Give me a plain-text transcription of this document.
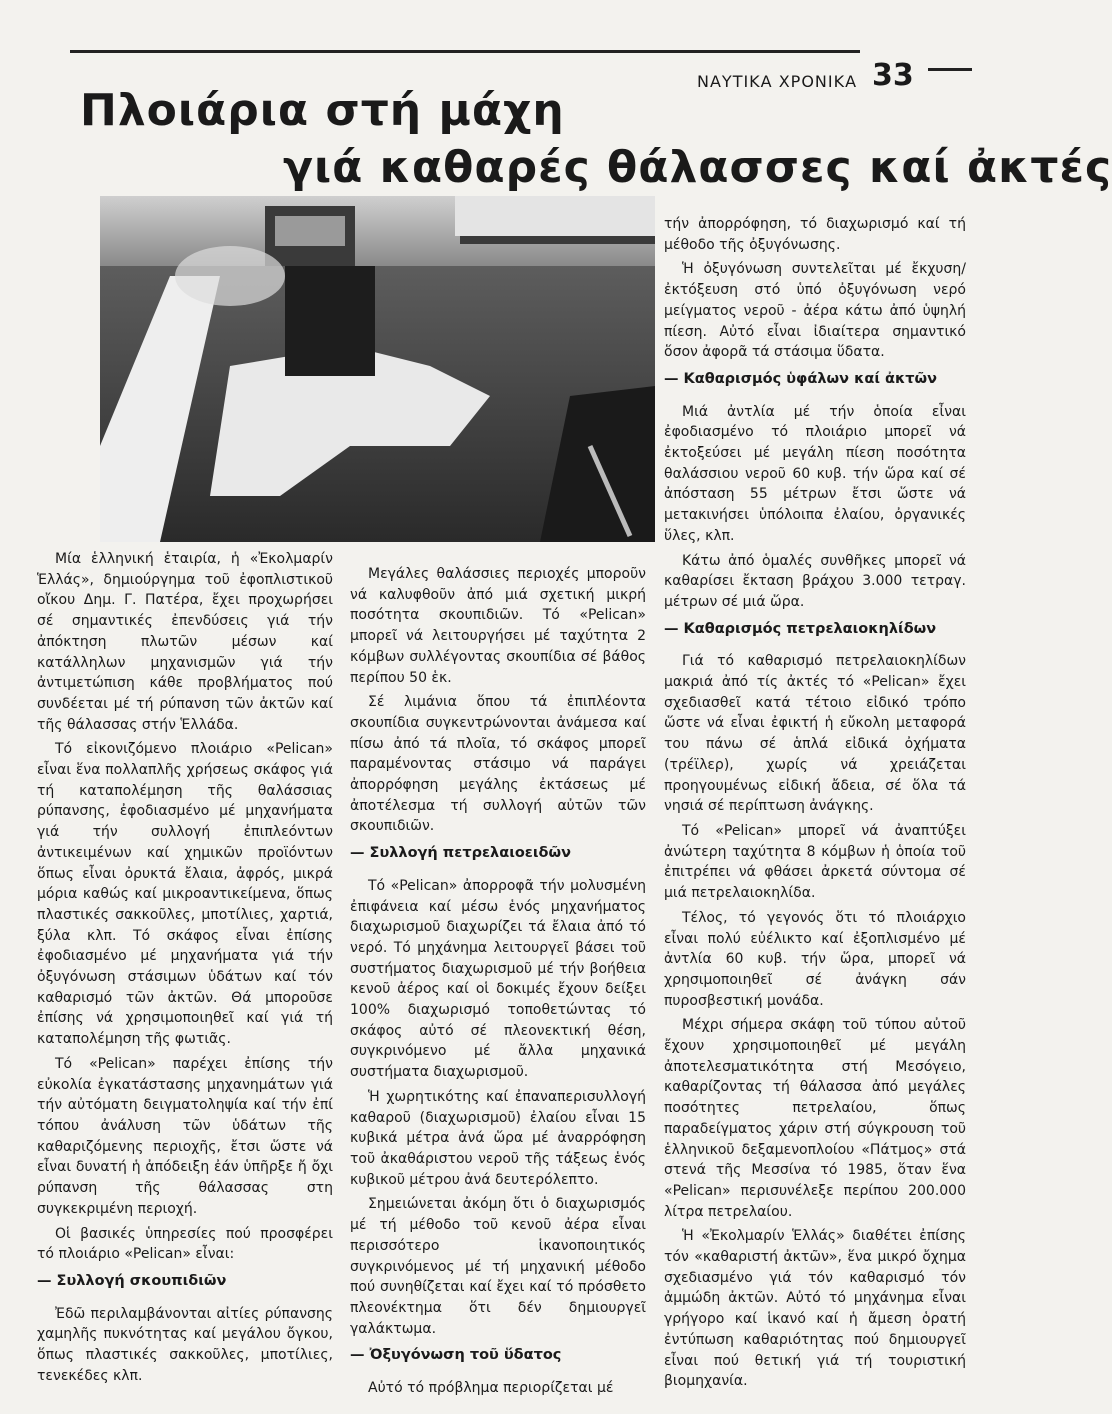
ΝΑΥΤΙΚΑ ΧΡΟΝΙΚΑ 33
Πλοιάρια στή μάχη
γιά καθαρές θάλασσες καί ἀκτές

Μία ἑλληνική ἑταιρία, ἡ «Ἐκολμαρίν Ἑλλάς», δημιούργημα τοῦ ἐφοπλιστικοῦ οἴκου Δημ. Γ. Πατέρα, ἔχει προχωρήσει σέ σημαντικές ἐπενδύσεις γιά τήν ἀπόκτηση πλωτῶν μέσων καί κατάλληλων μηχανισμῶν γιά τήν ἀντιμετώπιση κάθε προβλήματος πού συνδέεται μέ τή ρύπανση τῶν ἀκτῶν καί τῆς θάλασσας στήν Ἑλλάδα.

Τό εἰκονιζόμενο πλοιάριο «Pelican» εἶναι ἕνα πολλαπλῆς χρήσεως σκάφος γιά τή καταπολέμηση τῆς θαλάσσιας ρύπανσης, ἐφοδιασμένο μέ μηχανήματα γιά τήν συλλογή ἐπιπλεόντων ἀντικειμένων καί χημικῶν προϊόντων ὅπως εἶναι ὀρυκτά ἔλαια, ἀφρός, μικρά μόρια καθώς καί μικροαντικείμενα, ὅπως πλαστικές σακκοῦλες, μποτίλιες, χαρτιά, ξύλα κλπ. Τό σκάφος εἶναι ἐπίσης ἐφοδιασμένο μέ μηχανήματα γιά τήν ὀξυγόνωση στάσιμων ὑδάτων καί τόν καθαρισμό τῶν ἀκτῶν. Θά μποροῦσε ἐπίσης νά χρησιμοποιηθεῖ καί γιά τή καταπολέμηση τῆς φωτιᾶς.

Τό «Pelican» παρέχει ἐπίσης τήν εὐκολία ἐγκατάστασης μηχανημάτων γιά τήν αὐτόματη δειγματοληψία καί τήν ἐπί τόπου ἀνάλυση τῶν ὑδάτων τῆς καθαριζόμενης περιοχῆς, ἔτσι ὥστε νά εἶναι δυνατή ἡ ἀπόδειξη ἐάν ὑπῆρξε ἤ ὄχι ρύπανση τῆς θάλασσας στη συγκεκριμένη περιοχή.

Οἱ βασικές ὑπηρεσίες πού προσφέρει τό πλοιάριο «Pelican» εἶναι:

— Συλλογή σκουπιδιῶν

Ἐδῶ περιλαμβάνονται αἰτίες ρύπανσης χαμηλῆς πυκνότητας καί μεγάλου ὄγκου, ὅπως πλαστικές σακκοῦλες, μποτίλιες, τενεκέδες κλπ.

Μεγάλες θαλάσσιες περιοχές μποροῦν νά καλυφθοῦν ἀπό μιά σχετική μικρή ποσότητα σκουπιδιῶν. Τό «Pelican» μπορεῖ νά λειτουργήσει μέ ταχύτητα 2 κόμβων συλλέγοντας σκουπίδια σέ βάθος περίπου 50 ἑκ.

Σέ λιμάνια ὅπου τά ἐπιπλέοντα σκουπίδια συγκεντρώνονται ἀνάμεσα καί πίσω ἀπό τά πλοῖα, τό σκάφος μπορεῖ παραμένοντας στάσιμο νά παράγει ἀπορρόφηση μεγάλης ἐκτάσεως μέ ἀποτέλεσμα τή συλλογή αὐτῶν τῶν σκουπιδιῶν.

— Συλλογή πετρελαιοειδῶν

Τό «Pelican» ἀπορροφᾶ τήν μολυσμένη ἐπιφάνεια καί μέσω ἑνός μηχανήματος διαχωρισμοῦ διαχωρίζει τά ἔλαια ἀπό τό νερό. Τό μηχάνημα λειτουργεῖ βάσει τοῦ συστήματος διαχωρισμοῦ μέ τήν βοήθεια κενοῦ ἀέρος καί οἱ δοκιμές ἔχουν δείξει 100% διαχωρισμό τοποθετώντας τό σκάφος αὐτό σέ πλεονεκτική θέση, συγκρινόμενο μέ ἄλλα μηχανικά συστήματα διαχωρισμοῦ.

Ἡ χωρητικότης καί ἐπαναπερισυλλογή καθαροῦ (διαχωρισμοῦ) ἐλαίου εἶναι 15 κυβικά μέτρα ἀνά ὥρα μέ ἀναρρόφηση τοῦ ἀκαθάριστου νεροῦ τῆς τάξεως ἑνός κυβικοῦ μέτρου ἀνά δευτερόλεπτο.

Σημειώνεται ἀκόμη ὅτι ὁ διαχωρισμός μέ τή μέθοδο τοῦ κενοῦ ἀέρα εἶναι περισσότερο ἱκανοποιητικός συγκρινόμενος μέ τή μηχανική μέθοδο πού συνηθίζεται καί ἔχει καί τό πρόσθετο πλεονέκτημα ὅτι δέν δημιουργεῖ γαλάκτωμα.

— Ὀξυγόνωση τοῦ ὕδατος

Αὐτό τό πρόβλημα περιορίζεται μέ

τήν ἀπορρόφηση, τό διαχωρισμό καί τή μέθοδο τῆς ὀξυγόνωσης.

Ἡ ὀξυγόνωση συντελεῖται μέ ἔκχυση/ἐκτόξευση στό ὑπό ὀξυγόνωση νερό μείγματος νεροῦ - ἀέρα κάτω ἀπό ὑψηλή πίεση. Αὐτό εἶναι ἰδιαίτερα σημαντικό ὅσον ἀφορᾶ τά στάσιμα ὕδατα.

— Καθαρισμός ὑφάλων καί ἀκτῶν

Μιά ἀντλία μέ τήν ὁποία εἶναι ἐφοδιασμένο τό πλοιάριο μπορεῖ νά ἐκτοξεύσει μέ μεγάλη πίεση ποσότητα θαλάσσιου νεροῦ 60 κυβ. τήν ὥρα καί σέ ἀπόσταση 55 μέτρων ἔτσι ὥστε νά μετακινήσει ὑπόλοιπα ἐλαίου, ὀργανικές ὕλες, κλπ.

Κάτω ἀπό ὁμαλές συνθῆκες μπορεῖ νά καθαρίσει ἔκταση βράχου 3.000 τετραγ. μέτρων σέ μιά ὥρα.

— Καθαρισμός πετρελαιοκηλίδων

Γιά τό καθαρισμό πετρελαιοκηλίδων μακριά ἀπό τίς ἀκτές τό «Pelican» ἔχει σχεδιασθεῖ κατά τέτοιο εἰδικό τρόπο ὥστε νά εἶναι ἐφικτή ἡ εὔκολη μεταφορά του πάνω σέ ἁπλά εἰδικά ὀχήματα (τρέϊλερ), χωρίς νά χρειάζεται προηγουμένως εἰδική ἄδεια, σέ ὅλα τά νησιά σέ περίπτωση ἀνάγκης.

Τό «Pelican» μπορεῖ νά ἀναπτύξει ἀνώτερη ταχύτητα 8 κόμβων ἡ ὁποία τοῦ ἐπιτρέπει νά φθάσει ἀρκετά σύντομα σέ μιά πετρελαιοκηλίδα.

Τέλος, τό γεγονός ὅτι τό πλοιάρχιο εἶναι πολύ εὐέλικτο καί ἐξοπλισμένο μέ ἀντλία 60 κυβ. τήν ὥρα, μπορεῖ νά χρησιμοποιηθεῖ σέ ἀνάγκη σάν πυροσβεστική μονάδα.

Μέχρι σήμερα σκάφη τοῦ τύπου αὐτοῦ ἔχουν χρησιμοποιηθεῖ μέ μεγάλη ἀποτελεσματικότητα στή Μεσόγειο, καθαρίζοντας τή θάλασσα ἀπό μεγάλες ποσότητες πετρελαίου, ὅπως παραδείγματος χάριν στή σύγκρουση τοῦ ἑλληνικοῦ δεξαμενοπλοίου «Πάτμος» στά στενά τῆς Μεσσίνα τό 1985, ὅταν ἕνα «Pelican» περισυνέλεξε περίπου 200.000 λίτρα πετρελαίου.

Ἡ «Ἐκολμαρίν Ἑλλάς» διαθέτει ἐπίσης τόν «καθαριστή ἀκτῶν», ἕνα μικρό ὄχημα σχεδιασμένο γιά τόν καθαρισμό τόν ἀμμώδη ἀκτῶν. Αὐτό τό μηχάνημα εἶναι γρήγορο καί ἱκανό καί ἡ ἄμεση ὁρατή ἐντύπωση καθαριότητας πού δημιουργεῖ εἶναι πού θετική γιά τή τουριστική βιομηχανία.
